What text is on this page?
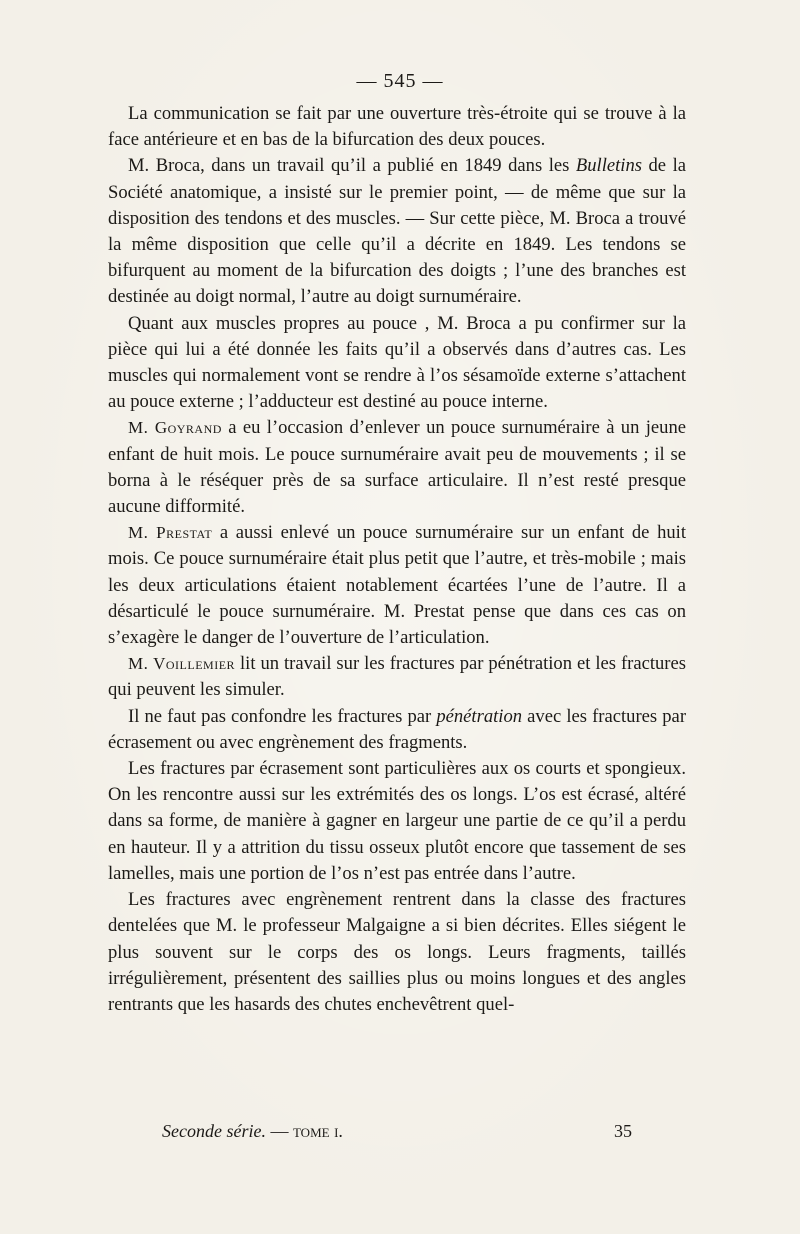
— 545 —

La communication se fait par une ouverture très-étroite qui se trouve à la face antérieure et en bas de la bifurcation des deux pouces.

M. Broca, dans un travail qu’il a publié en 1849 dans les Bulletins de la Société anatomique, a insisté sur le premier point, — de même que sur la disposition des tendons et des muscles. — Sur cette pièce, M. Broca a trouvé la même disposition que celle qu’il a décrite en 1849. Les tendons se bifurquent au moment de la bifurcation des doigts ; l’une des branches est destinée au doigt normal, l’autre au doigt surnuméraire.

Quant aux muscles propres au pouce , M. Broca a pu confirmer sur la pièce qui lui a été donnée les faits qu’il a observés dans d’autres cas. Les muscles qui normalement vont se rendre à l’os sésamoïde externe s’attachent au pouce externe ; l’adducteur est destiné au pouce interne.

M. Goyrand a eu l’occasion d’enlever un pouce surnuméraire à un jeune enfant de huit mois. Le pouce surnuméraire avait peu de mouvements ; il se borna à le réséquer près de sa surface articulaire. Il n’est resté presque aucune difformité.

M. Prestat a aussi enlevé un pouce surnuméraire sur un enfant de huit mois. Ce pouce surnuméraire était plus petit que l’autre, et très-mobile ; mais les deux articulations étaient notablement écartées l’une de l’autre. Il a désarticulé le pouce surnuméraire. M. Prestat pense que dans ces cas on s’exagère le danger de l’ouverture de l’articulation.

M. Voillemier lit un travail sur les fractures par pénétration et les fractures qui peuvent les simuler.

Il ne faut pas confondre les fractures par pénétration avec les fractures par écrasement ou avec engrènement des fragments.

Les fractures par écrasement sont particulières aux os courts et spongieux. On les rencontre aussi sur les extrémités des os longs. L’os est écrasé, altéré dans sa forme, de manière à gagner en largeur une partie de ce qu’il a perdu en hauteur. Il y a attrition du tissu osseux plutôt encore que tassement de ses lamelles, mais une portion de l’os n’est pas entrée dans l’autre.

Les fractures avec engrènement rentrent dans la classe des fractures dentelées que M. le professeur Malgaigne a si bien décrites. Elles siégent le plus souvent sur le corps des os longs. Leurs fragments, taillés irrégulièrement, présentent des saillies plus ou moins longues et des angles rentrants que les hasards des chutes enchevêtrent quel-

Seconde série. — tome i.	35
